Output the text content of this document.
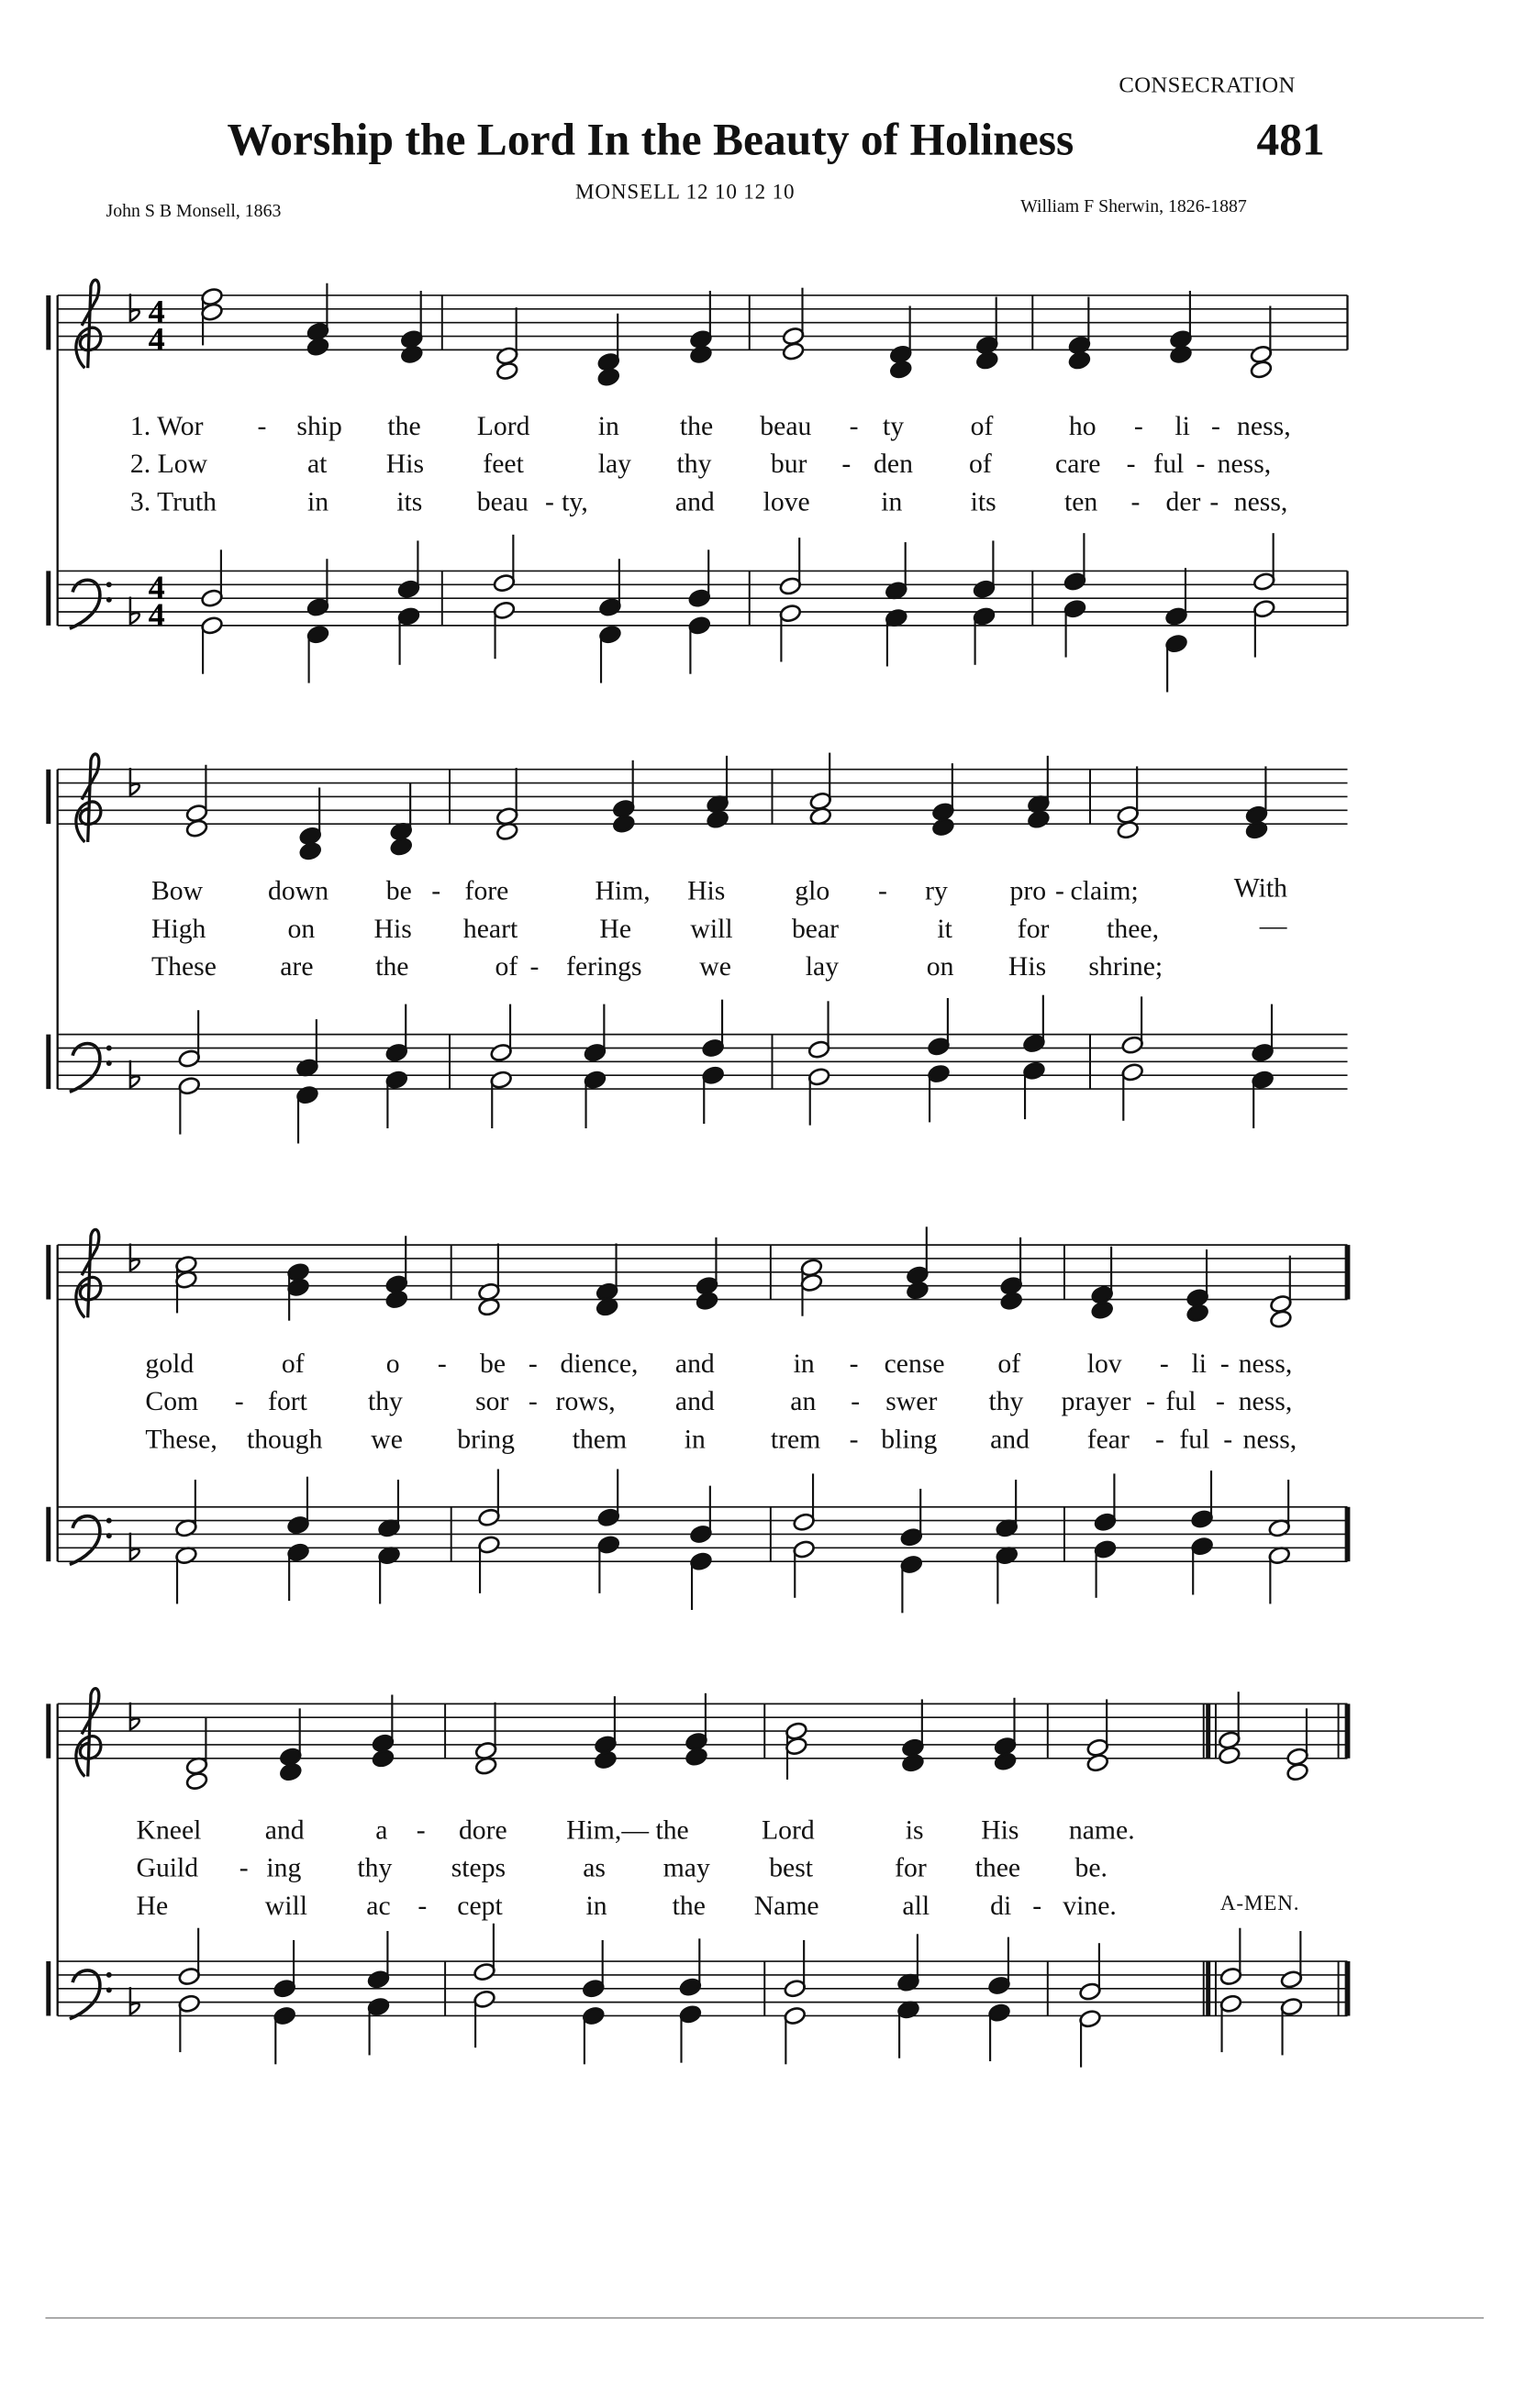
CONSECRATION
Worship the Lord In the Beauty of Holiness	481
John S B Monsell, 1863
MONSELL 12 10 12 10
William F Sherwin, 1826-1887
4
4
4
4
1. Wor	- ship	the	Lord	in	the	beau - ty	of	ho - li - ness,
2. Low	at	His	feet	lay	thy	bur - den	of	care - ful - ness,
3. Truth	in	its	beau - ty,	and	love	in	its	ten - der - ness,
Bow	down	be - fore	Him, His	glo	- ry	pro - claim;	With
High	on	His	heart	He	will	bear	it	for	thee,	—
These	are	the	of - ferings	we	lay	on	His	shrine;
gold	of	o - be - dience, and	in - cense	of	lov - li - ness,
Com - fort	thy	sor - rows,	and	an - swer	thy prayer - ful - ness,
These, though	we	bring	them	in	trem - bling	and	fear - ful - ness,
Kneel	and	a - dore	Him,— the	Lord	is	His	name.
Guild - ing	thy	steps	as	may	best	for	thee	be.
He	will	ac - cept	in	the	Name	all	di - vine.	A-MEN.
